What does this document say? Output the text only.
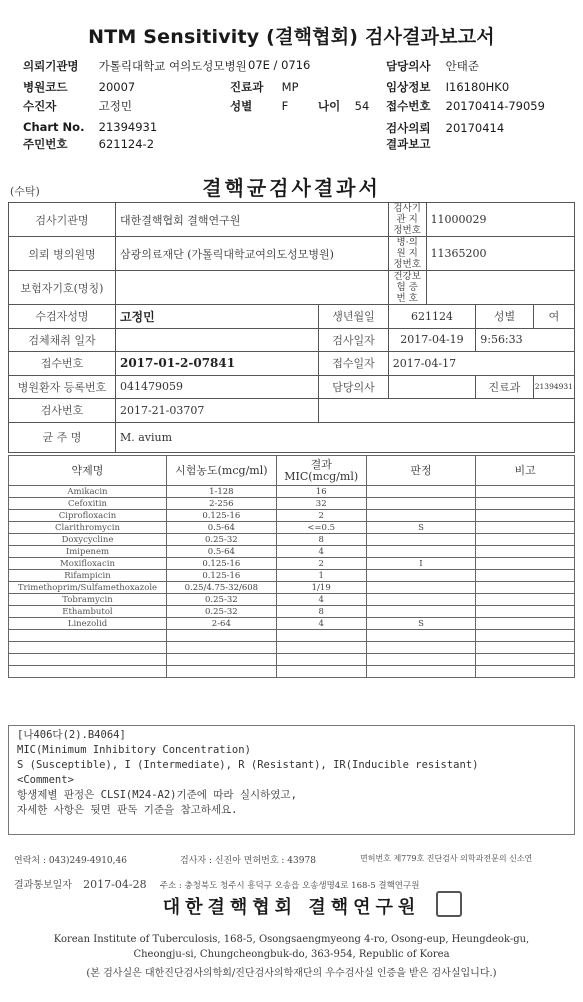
NTM Sensitivity (결핵협회) 검사결과보고서
의뢰기관명 가톨릭대학교 여의도성모병원 07E / 0716	담당의사 안태준
병원코드	20007	진료과 MP	임상정보 I16180HK0
수진자	고정민	성별	F	나이 54 접수번호 20170414-79059
Chart No. 21394931	검사의뢰 20170414
주민번호	621124-2	결과보고
(수탁)	결핵균검사결과서
검사기관명	대한결핵협회 결핵연구원		검사기관 지정번호	11000029		
의뢰 병의원명	삼광의료재단 (가톨릭대학교여의도성모병원)		병·의원 지정번호	11365200		
보험자기호(명칭)			건강보험 증 번 호			
수검자성명	고정민	생년월일	621124		성별	여
검체채취 일자		검사일자	2017-04-19		9:56:33	
접수번호	2017-01-2-07841	접수일자	2017-04-17			
병원환자 등록번호	041479059	담당의사			진료과	21394931
검사번호	2017-21-03707					
균 주 명	M. avium					
약제명	시험농도(mcg/ml)	결과 MIC(mcg/ml)	판정	비고
Amikacin	1-128	16		
Cefoxitin	2-256	32		
Ciprofloxacin	0.125-16	2		
Clarithromycin	0.5-64	<=0.5	S	
Doxycycline	0.25-32	8		
Imipenem	0.5-64	4		
Moxifloxacin	0.125-16	2	I	
Rifampicin	0.125-16	1		
Trimethoprim/Sulfamethoxazole	0.25/4.75-32/608	1/19		
Tobramycin	0.25-32	4		
Ethambutol	0.25-32	8		
Linezolid	2-64	4	S	

[나406다(2).B4064]
MIC(Minimum Inhibitory Concentration)
S (Susceptible), I (Intermediate), R (Resistant), IR(Inducible resistant)
<Comment>
항생제별 판정은 CLSI(M24-A2)기준에 따라 실시하였고,
자세한 사항은 뒷면 판독 기준을 참고하세요.
연락처 : 043)249-4910,46	검사자 : 신진아 면허번호 : 43978	면허번호 제779호 진단검사 의학과전문의 신소연
결과통보일자 2017-04-28 주소 : 충청북도 청주시 흥덕구 오송읍 오송생명4로 168-5 결핵연구원
대한결핵협회 결핵연구원
Korean Institute of Tuberculosis, 168-5, Osongsaengmyeong 4-ro, Osong-eup, Heungdeok-gu,
Cheongju-si, Chungcheongbuk-do, 363-954, Republic of Korea
(본 검사실은 대한진단검사의학회/진단검사의학재단의 우수검사실 인증을 받은 검사실입니다.)
